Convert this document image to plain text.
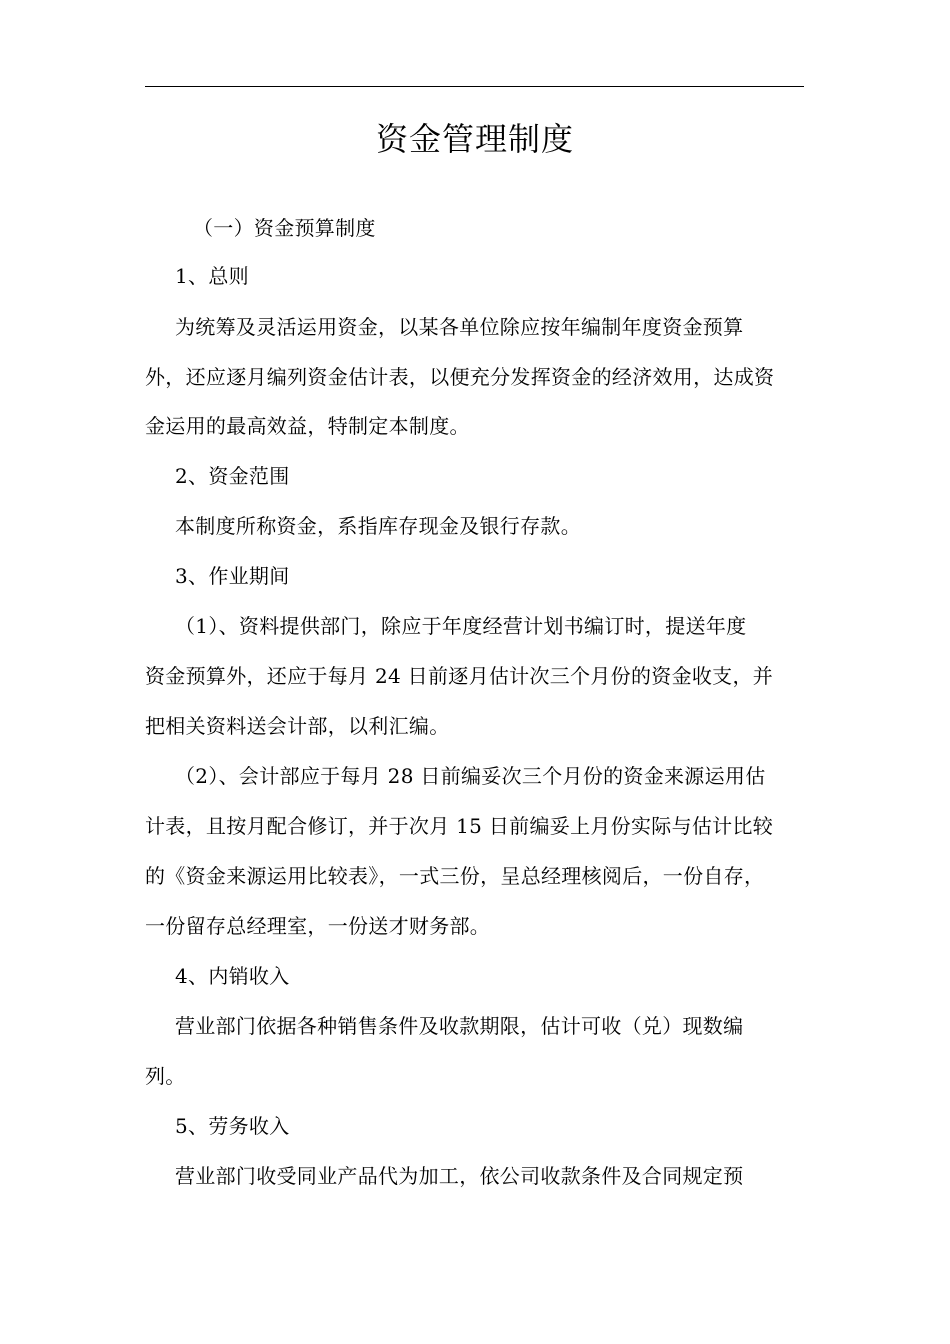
资金管理制度
（一）资金预算制度
1、总则
为统筹及灵活运用资金，以某各单位除应按年编制年度资金预算
外，还应逐月编列资金估计表，以便充分发挥资金的经济效用，达成资
金运用的最高效益，特制定本制度。
2、资金范围
本制度所称资金，系指库存现金及银行存款。
3、作业期间
（1）、资料提供部门，除应于年度经营计划书编订时，提送年度
资金预算外，还应于每月 24 日前逐月估计次三个月份的资金收支，并
把相关资料送会计部，以利汇编。
（2）、会计部应于每月 28 日前编妥次三个月份的资金来源运用估
计表，且按月配合修订，并于次月 15 日前编妥上月份实际与估计比较
的《资金来源运用比较表》，一式三份，呈总经理核阅后，一份自存，
一份留存总经理室，一份送才财务部。
4、内销收入
营业部门依据各种销售条件及收款期限，估计可收（兑）现数编
列。
5、劳务收入
营业部门收受同业产品代为加工，依公司收款条件及合同规定预
